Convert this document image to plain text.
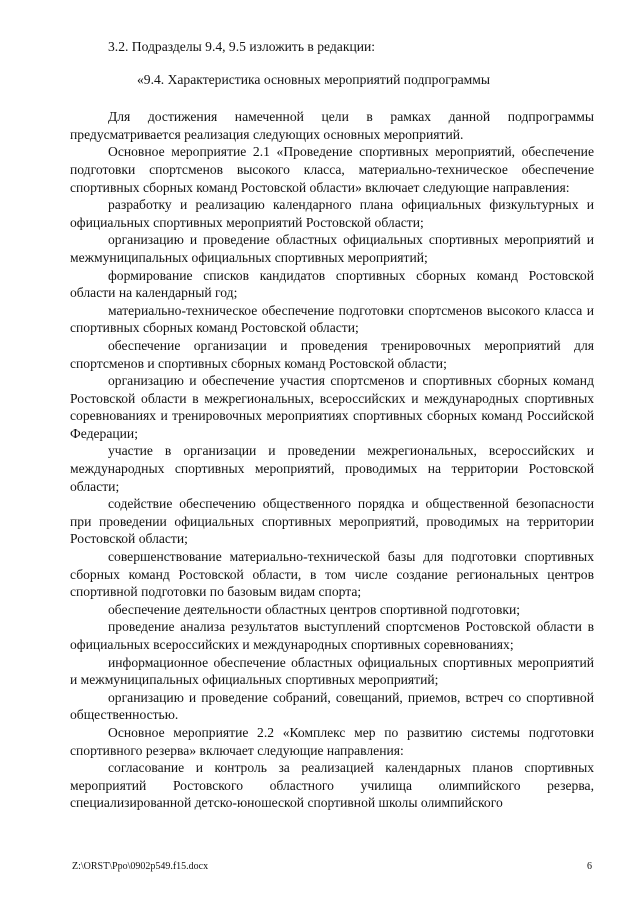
3.2. Подразделы 9.4, 9.5 изложить в редакции:

«9.4. Характеристика основных мероприятий подпрограммы

Для достижения намеченной цели в рамках данной подпрограммы предусматривается реализация следующих основных мероприятий.

Основное мероприятие 2.1 «Проведение спортивных мероприятий, обеспечение подготовки спортсменов высокого класса, материально-техническое обеспечение спортивных сборных команд Ростовской области» включает следующие направления:

разработку и реализацию календарного плана официальных физкультурных и официальных спортивных мероприятий Ростовской области;

организацию и проведение областных официальных спортивных мероприятий и межмуниципальных официальных спортивных мероприятий;

формирование списков кандидатов спортивных сборных команд Ростовской области на календарный год;

материально-техническое обеспечение подготовки спортсменов высокого класса и спортивных сборных команд Ростовской области;

обеспечение организации и проведения тренировочных мероприятий для спортсменов и спортивных сборных команд Ростовской области;

организацию и обеспечение участия спортсменов и спортивных сборных команд Ростовской области в межрегиональных, всероссийских и международных спортивных соревнованиях и тренировочных мероприятиях спортивных сборных команд Российской Федерации;

участие в организации и проведении межрегиональных, всероссийских и международных спортивных мероприятий, проводимых на территории Ростовской области;

содействие обеспечению общественного порядка и общественной безопасности при проведении официальных спортивных мероприятий, проводимых на территории Ростовской области;

совершенствование материально-технической базы для подготовки спортивных сборных команд Ростовской области, в том числе создание региональных центров спортивной подготовки по базовым видам спорта;

обеспечение деятельности областных центров спортивной подготовки;

проведение анализа результатов выступлений спортсменов Ростовской области в официальных всероссийских и международных спортивных соревнованиях;

информационное обеспечение областных официальных спортивных мероприятий и межмуниципальных официальных спортивных мероприятий;

организацию и проведение собраний, совещаний, приемов, встреч со спортивной общественностью.

Основное мероприятие 2.2 «Комплекс мер по развитию системы подготовки спортивного резерва» включает следующие направления:

согласование и контроль за реализацией календарных планов спортивных мероприятий Ростовского областного училища олимпийского резерва, специализированной детско-юношеской спортивной школы олимпийского

Z:\ORST\Ppo\0902p549.f15.docx	6
